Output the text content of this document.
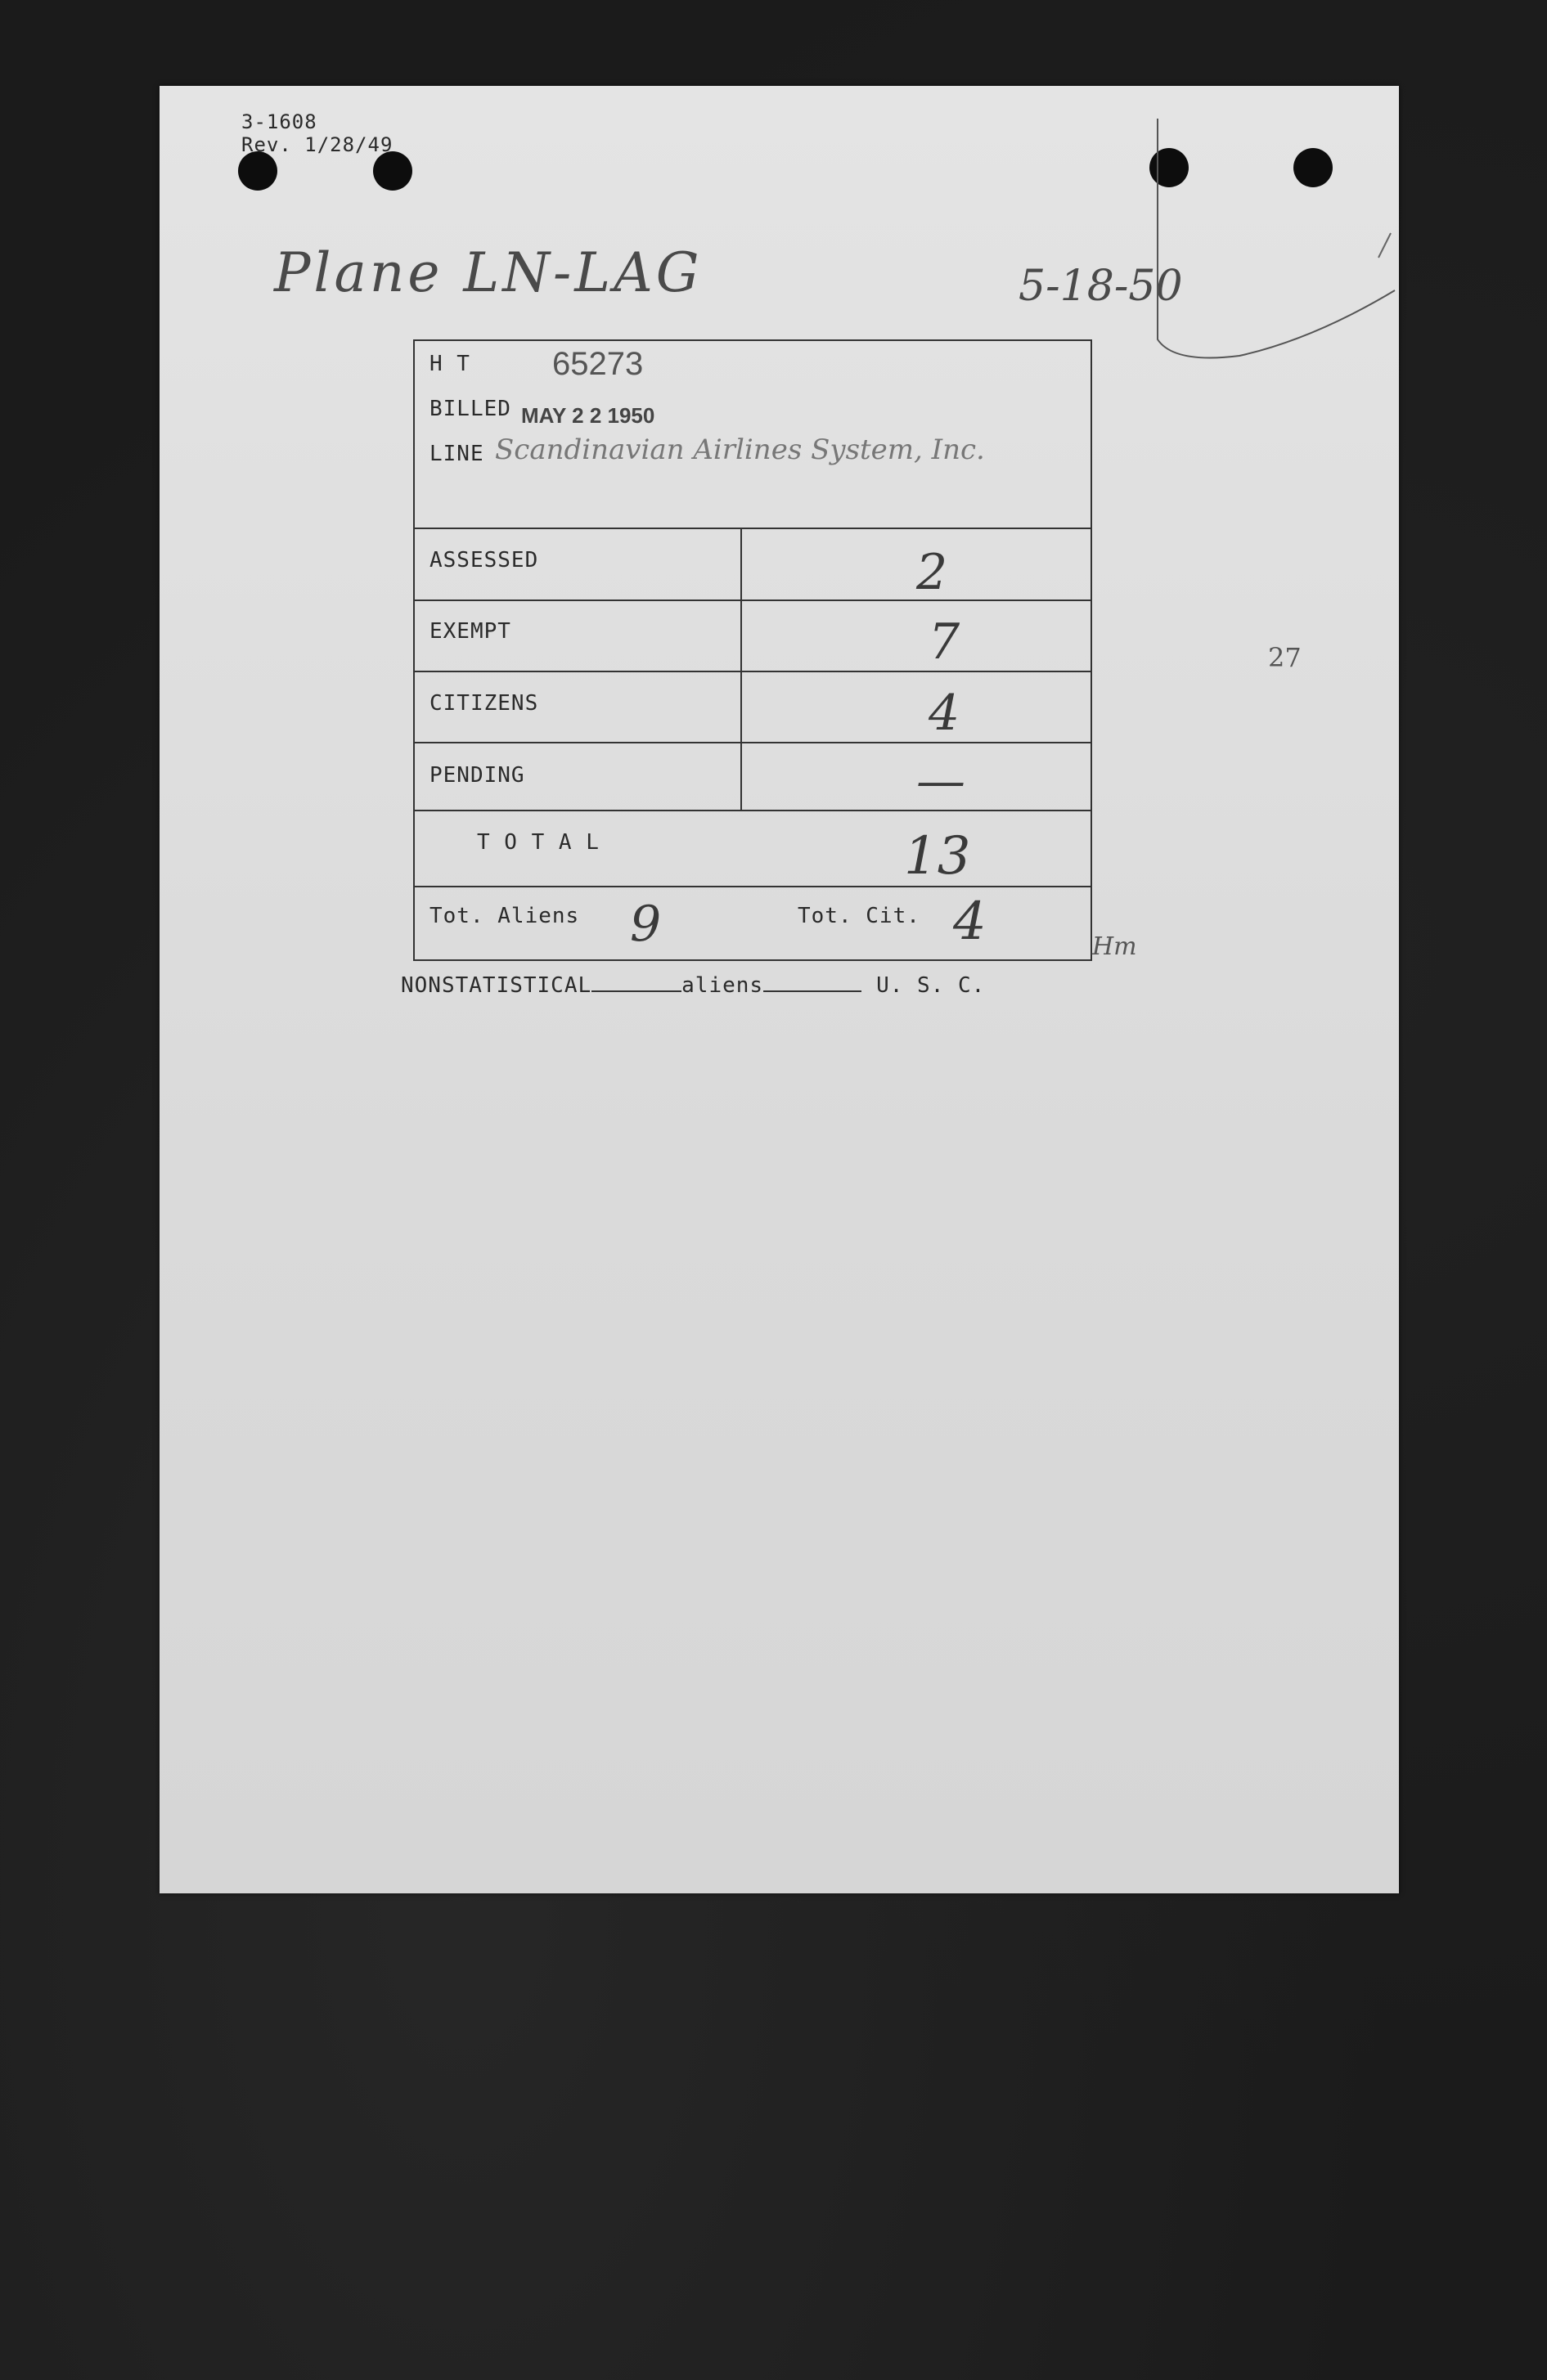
3-1608
Rev. 1/28/49
Plane LN-LAG	5-18-50
H T	65273
BILLED MAY 2 2 1950
LINE Scandinavian Airlines System, Inc.
ASSESSED	2
EXEMPT	7
CITIZENS	4
PENDING	—
T O T A L	13
Tot. Aliens 9	Tot. Cit. 4	Hm
NONSTATISTICAL	aliens	U. S. C.
27
